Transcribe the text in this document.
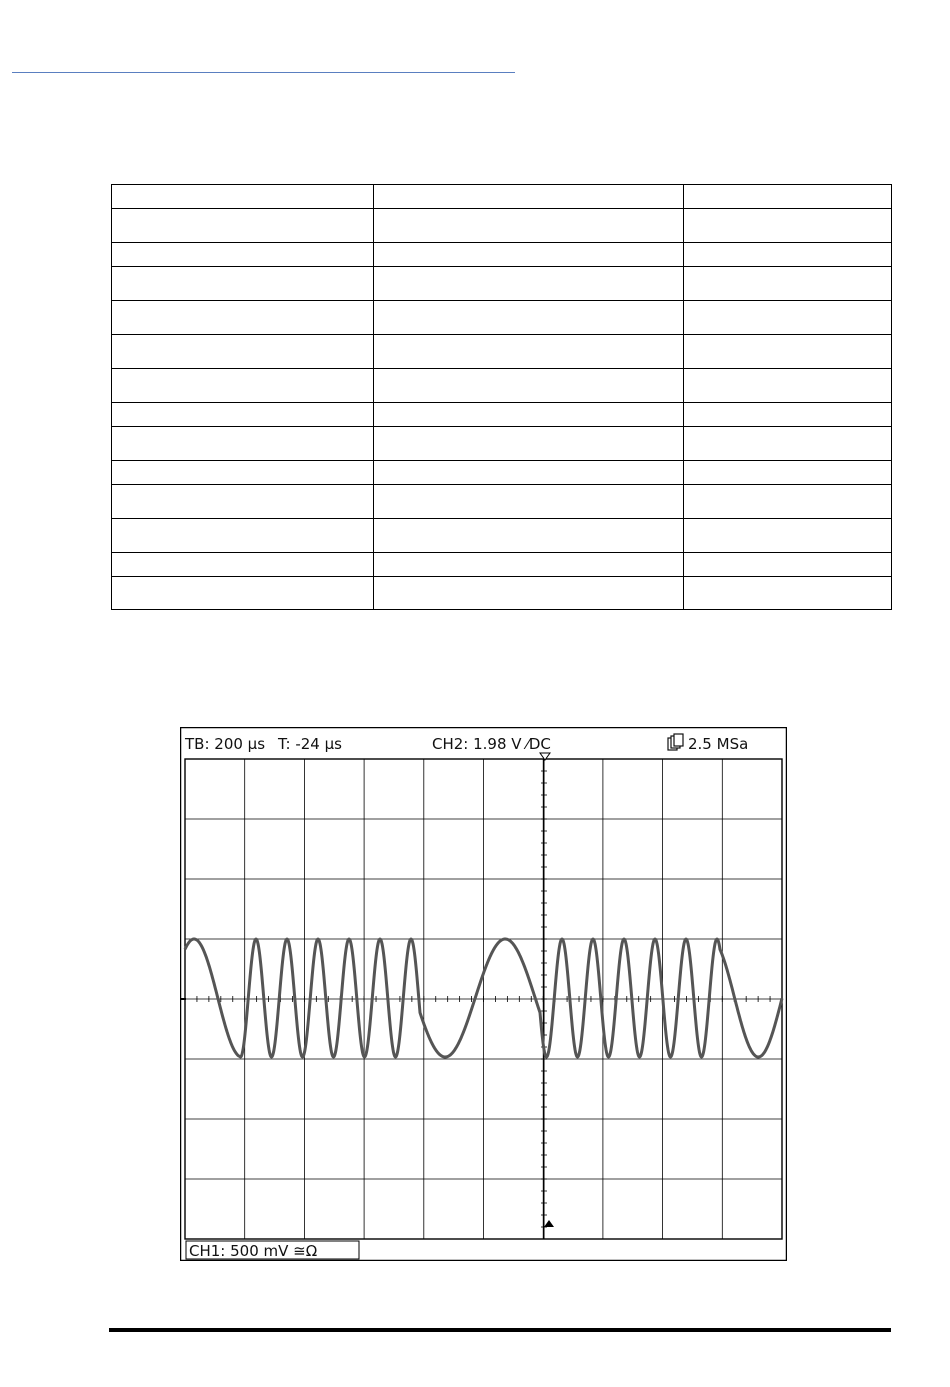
TB: 200 µs T: -24 µs	CH2: 1.98 V ⁄DC	2.5 MSa
CH1: 500 mV ≅Ω
